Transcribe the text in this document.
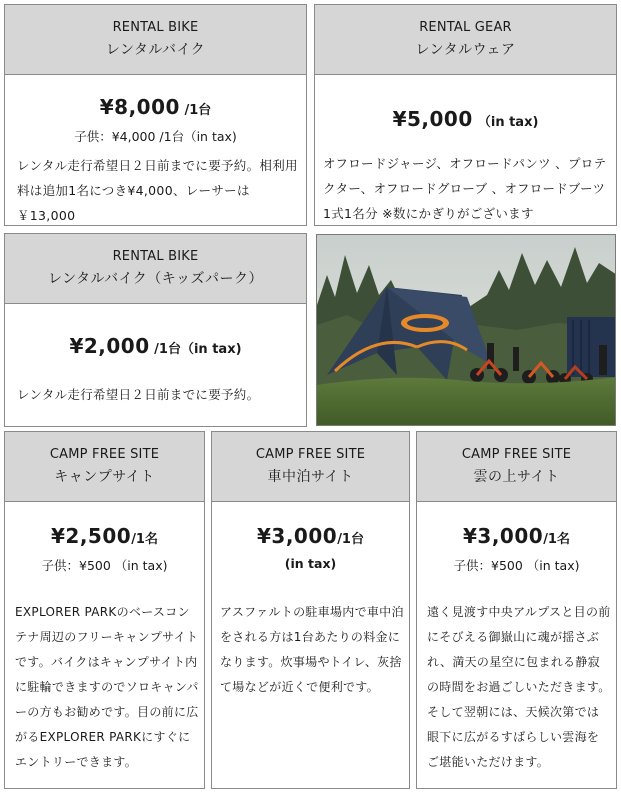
RENTAL BIKE
レンタルバイク
¥8,000 /1台
子供：¥4,000 /1台（in tax)
レンタル走行希望日２日前までに要予約。相利用料は追加1名につき¥4,000、レーサーは￥13,000
RENTAL GEAR
レンタルウェア
¥5,000 （in tax)
オフロードジャージ、オフロードパンツ 、プロテクター、オフロードグローブ 、オフロードブーツ1式1名分 ※数にかぎりがございます
RENTAL BIKE
レンタルバイク（キッズパーク）
¥2,000 /1台（in tax)
レンタル走行希望日２日前までに要予約。
CAMP FREE SITE
キャンプサイト
¥2,500/1名
子供：¥500 （in tax)
EXPLORER PARKのベースコンテナ周辺のフリーキャンプサイトです。バイクはキャンプサイト内に駐輪できますのでソロキャンパーの方もお勧めです。目の前に広がるEXPLORER PARKにすぐにエントリーできます。
CAMP FREE SITE
車中泊サイト
¥3,000/1台
(in tax)
アスファルトの駐車場内で車中泊をされる方は1台あたりの料金になります。炊事場やトイレ、灰捨て場などが近くで便利です。
CAMP FREE SITE
雲の上サイト
¥3,000/1名
子供：¥500 （in tax)
遠く見渡す中央アルプスと目の前にそびえる御嶽山に魂が揺さぶれ、満天の星空に包まれる静寂の時間をお過ごしいただきます。そして翌朝には、天候次第では眼下に広がるすばらしい雲海をご堪能いただけます。
